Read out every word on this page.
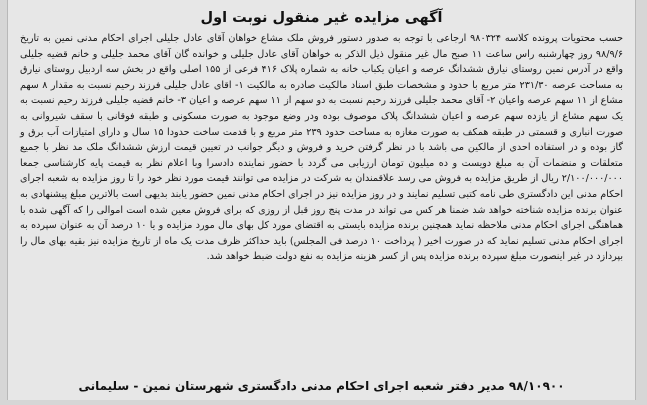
آگهی مزایده غیر منقول نوبت اول

حسب محتویات پرونده کلاسه ۹۸۰۳۲۴ ارجاعی با توجه به صدور دستور فروش ملک مشاع خواهان آقای عادل جلیلی اجرای احکام مدنی نمین به تاریخ ۹۸/۹/۶ روز چهارشنبه راس ساعت ۱۱ صبح مال غیر منقول ذیل الذکر به خواهان آقای عادل جلیلی و خوانده گان آقای محمد جلیلی و خانم قضیه جلیلی واقع در آدرس نمین روستای نیارق ششدانگ عرصه و اعیان یکباب خانه به شماره پلاک ۴۱۶ فرعی از ۱۵۵ اصلی واقع در بخش سه اردبیل روستای نیارق به مساحت عرصه ۲۳۱/۳۰ متر مربع با حدود و مشخصات طبق اسناد مالکیت صادره به مالکیت ۱- اقای عادل جلیلی فرزند رحیم نسبت به مقدار ۸ سهم مشاع از ۱۱ سهم عرصه واعیان ۲- آقای محمد جلیلی فرزند رحیم نسبت به دو سهم از ۱۱ سهم عرصه و اعیان ۳- خانم قضیه جلیلی فرزند رحیم نسبت به یک سهم مشاع از یازده سهم عرصه و اعیان ششدانگ پلاک موصوف بوده ودر وضع موجود به صورت مسکونی و طبقه فوقانی با سقف شیروانی به صورت انباری و قسمتی در طبقه همکف به صورت مغازه به مساحت حدود ۲۳۹ متر مربع و با قدمت ساخت حدودا ۱۵ سال و دارای امتیازات آب برق و گاز بوده و در استفاده احدی از مالکین می باشد با در نظر گرفتن خرید و فروش و دیگر جوانب در تعیین قیمت ارزش ششدانگ ملک مد نظر با جمیع متعلقات و منضمات آن به مبلغ دویست و ده میلیون تومان ارزیابی می گردد با حضور نماینده دادسرا وبا اعلام نظر به قیمت پایه کارشناسی جمعا ۲/۱۰۰/۰۰۰/۰۰۰ ریال از طریق مزایده به فروش می رسد علاقمندان به شرکت در مزایده می توانند قیمت مورد نظر خود را تا روز مزایده به شعبه اجرای احکام مدنی این دادگستری طی نامه کتبی تسلیم نمایند و در روز مزایده نیز در اجرای احکام مدنی نمین حضور یابند بدیهی است بالاترین مبلغ پیشنهادی به عنوان برنده مزایده شناخته خواهد شد ضمنا هر کس می تواند در مدت پنج روز قبل از روزی که برای فروش معین شده است اموالی را که آگهی شده با هماهنگی اجرای احکام مدنی ملاحظه نماید همچنین برنده مزایده بایستی به اقتضای مورد کل بهای مال مورد مزایده و یا ۱۰ درصد آن به عنوان سپرده به اجرای احکام مدنی تسلیم نماید که در صورت اخیر ( پرداخت ۱۰ درصد فی المجلس) باید حداکثر ظرف مدت یک ماه از تاریخ مزایده نیز بقیه بهای مال را بپردازد در غیر اینصورت مبلغ سپرده برنده مزایده پس از کسر هزینه مزایده به نفع دولت ضبط خواهد شد.

۹۸/۱۰۹۰۰ مدیر دفتر شعبه اجرای احکام مدنی دادگستری شهرستان نمین - سلیمانی
